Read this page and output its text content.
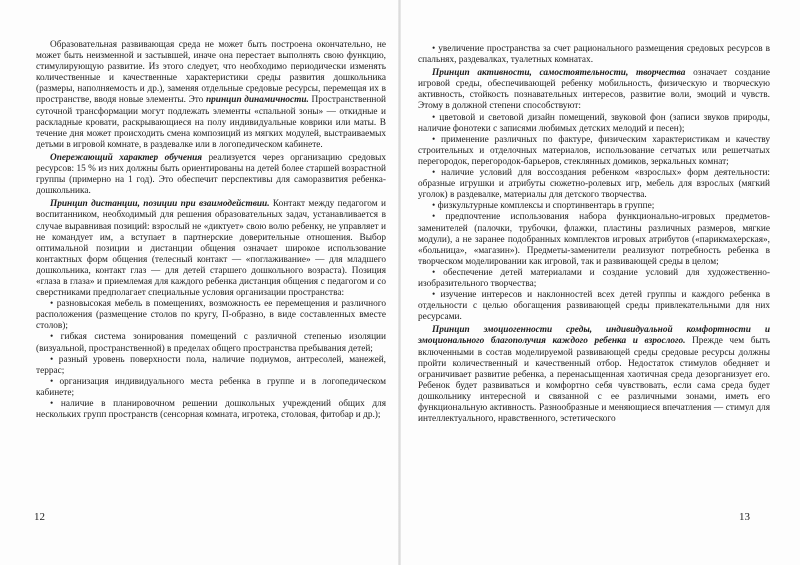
Образовательная развивающая среда не может быть построена окончательно, не может быть неизменной и застывшей, иначе она перестает выполнять свою функцию, стимулирующую развитие. Из этого следует, что необходимо периодически изменять количественные и качественные характеристики среды развития дошкольника (размеры, наполняемость и др.), заменяя отдельные средовые ресурсы, перемещая их в пространстве, вводя новые элементы. Это принцип динамичности. Пространственной суточной трансформации могут подлежать элементы «спальной зоны» — откидные и раскладные кровати, раскрывающиеся на полу индивидуальные коврики или маты. В течение дня может происходить смена композиций из мягких модулей, выстраиваемых детьми в игровой комнате, в раздевалке или в логопедическом кабинете.

Опережающий характер обучения реализуется через организацию средовых ресурсов: 15 % из них должны быть ориентированы на детей более старшей возрастной группы (примерно на 1 год). Это обеспечит перспективы для саморазвития ребенка-дошкольника.

Принцип дистанции, позиции при взаимодействии. Контакт между педагогом и воспитанником, необходимый для решения образовательных задач, устанавливается в случае выравнивая позиций: взрослый не «диктует» свою волю ребенку, не управляет и не командует им, а вступает в партнерские доверительные отношения. Выбор оптимальной позиции и дистанции общения означает широкое использование контактных форм общения (телесный контакт — «поглаживание» — для младшего дошкольника, контакт глаз — для детей старшего дошкольного возраста). Позиция «глаза в глаза» и приемлемая для каждого ребенка дистанция общения с педагогом и со сверстниками предполагает специальные условия организации пространства:

• разновысокая мебель в помещениях, возможность ее перемещения и различного расположения (размещение столов по кругу, П-образно, в виде составленных вместе столов);

• гибкая система зонирования помещений с различной степенью изоляции (визуальной, пространственной) в пределах общего пространства пребывания детей;

• разный уровень поверхности пола, наличие подиумов, антресолей, манежей, террас;

• организация индивидуального места ребенка в группе и в логопедическом кабинете;

• наличие в планировочном решении дошкольных учреждений общих для нескольких групп пространств (сенсорная комната, игротека, столовая, фитобар и др.);

12

• увеличение пространства за счет рационального размещения средовых ресурсов в спальнях, раздевалках, туалетных комнатах.

Принцип активности, самостоятельности, творчества означает создание игровой среды, обеспечивающей ребенку мобильность, физическую и творческую активность, стойкость познавательных интересов, развитие воли, эмоций и чувств. Этому в должной степени способствуют:

• цветовой и световой дизайн помещений, звуковой фон (записи звуков природы, наличие фонотеки с записями любимых детских мелодий и песен);

• применение различных по фактуре, физическим характеристикам и качеству строительных и отделочных материалов, использование сетчатых или решетчатых перегородок, перегородок-барьеров, стеклянных домиков, зеркальных комнат;

• наличие условий для воссоздания ребенком «взрослых» форм деятельности: образные игрушки и атрибуты сюжетно-ролевых игр, мебель для взрослых (мягкий уголок) в раздевалке, материалы для детского творчества.

• физкультурные комплексы и спортинвентарь в группе;

• предпочтение использования набора функционально-игровых предметов-заменителей (палочки, трубочки, флажки, пластины различных размеров, мягкие модули), а не заранее подобранных комплектов игровых атрибутов («парикмахерская», «больница», «магазин»). Предметы-заменители реализуют потребность ребенка в творческом моделировании как игровой, так и развивающей среды в целом;

• обеспечение детей материалами и создание условий для художественно-изобразительного творчества;

• изучение интересов и наклонностей всех детей группы и каждого ребенка в отдельности с целью обогащения развивающей среды привлекательными для них ресурсами.

Принцип эмоциогенности среды, индивидуальной комфортности и эмоционального благополучия каждого ребенка и взрослого. Прежде чем быть включенными в состав моделируемой развивающей среды средовые ресурсы должны пройти количественный и качественный отбор. Недостаток стимулов обедняет и ограничивает развитие ребенка, а перенасыщенная хаотичная среда дезорганизует его. Ребенок будет развиваться и комфортно себя чувствовать, если сама среда будет дошкольнику интересной и связанной с ее различными зонами, иметь его функциональную активность. Разнообразные и меняющиеся впечатления — стимул для интеллектуального, нравственного, эстетического

13
